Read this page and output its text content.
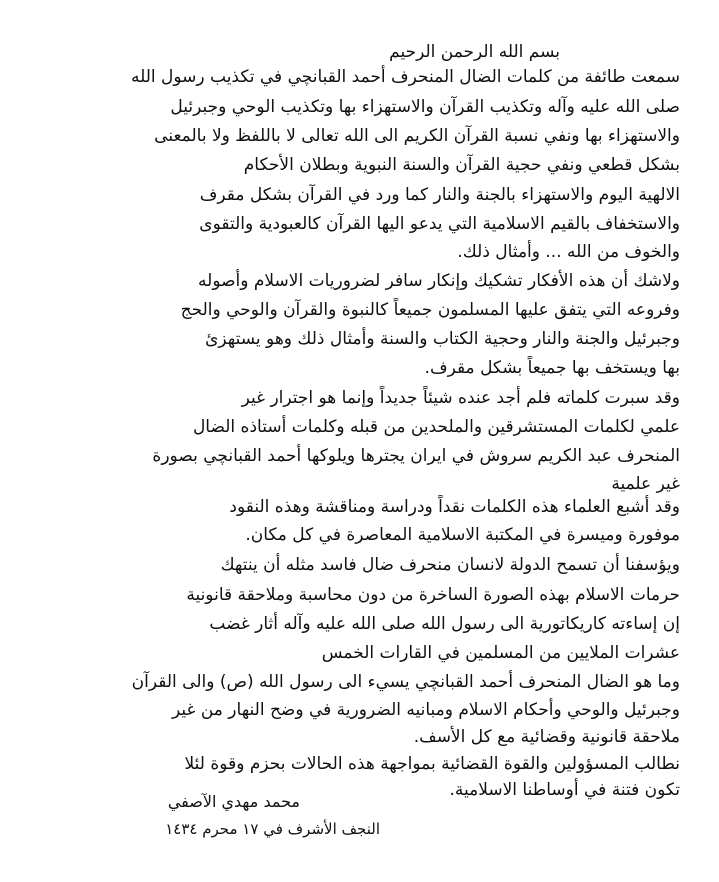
بسم الله الرحمن الرحيم
سمعت طائفة من كلمات الضال المنحرف أحمد القبانچي في تكذيب رسول الله
صلى الله عليه وآله وتكذيب القرآن والاستهزاء بها وتكذيب الوحي وجبرئيل
والاستهزاء بها ونفي نسبة القرآن الكريم الى الله تعالى لا باللفظ ولا بالمعنى
بشكل قطعي ونفي حجية القرآن والسنة النبوية وبطلان الأحكام
الالهية اليوم والاستهزاء بالجنة والنار كما ورد في القرآن بشكل مقرف
والاستخفاف بالقيم الاسلامية التي يدعو اليها القرآن كالعبودية والتقوى
والخوف من الله ... وأمثال ذلك.
ولاشك أن هذه الأفكار تشكيك وإنكار سافر لضروريات الاسلام وأصوله
وفروعه التي يتفق عليها المسلمون جميعاً كالنبوة والقرآن والوحي والحج
وجبرئيل والجنة والنار وحجية الكتاب والسنة وأمثال ذلك وهو يستهزئ
بها ويستخف بها جميعاً بشكل مقرف.
وقد سبرت كلماته فلم أجد عنده شيئاً جديداً وإنما هو اجترار غير
علمي لكلمات المستشرقين والملحدين من قبله وكلمات أستاذه الضال
المنحرف عبد الكريم سروش في ايران يجترها ويلوكها أحمد القبانچي بصورة
غير علمية
وقد أشبع العلماء هذه الكلمات نقداً ودراسة ومناقشة وهذه النقود
موفورة وميسرة في المكتبة الاسلامية المعاصرة في كل مكان.
ويؤسفنا أن تسمح الدولة لانسان منحرف ضال فاسد مثله أن ينتهك
حرمات الاسلام بهذه الصورة الساخرة من دون محاسبة وملاحقة قانونية
إن إساءته كاريكاتورية الى رسول الله صلى الله عليه وآله أثار غضب
عشرات الملايين من المسلمين في القارات الخمس
وما هو الضال المنحرف أحمد القبانچي يسيء الى رسول الله (ص) والى القرآن
وجبرئيل والوحي وأحكام الاسلام ومبانيه الضرورية في وضح النهار من غير
ملاحقة قانونية وقضائية مع كل الأسف.
نطالب المسؤولين والقوة القضائية بمواجهة هذه الحالات بحزم وقوة لئلا
تكون فتنة في أوساطنا الاسلامية.
محمد مهدي الآصفي
النجف الأشرف في ١٧ محرم ١٤٣٤
